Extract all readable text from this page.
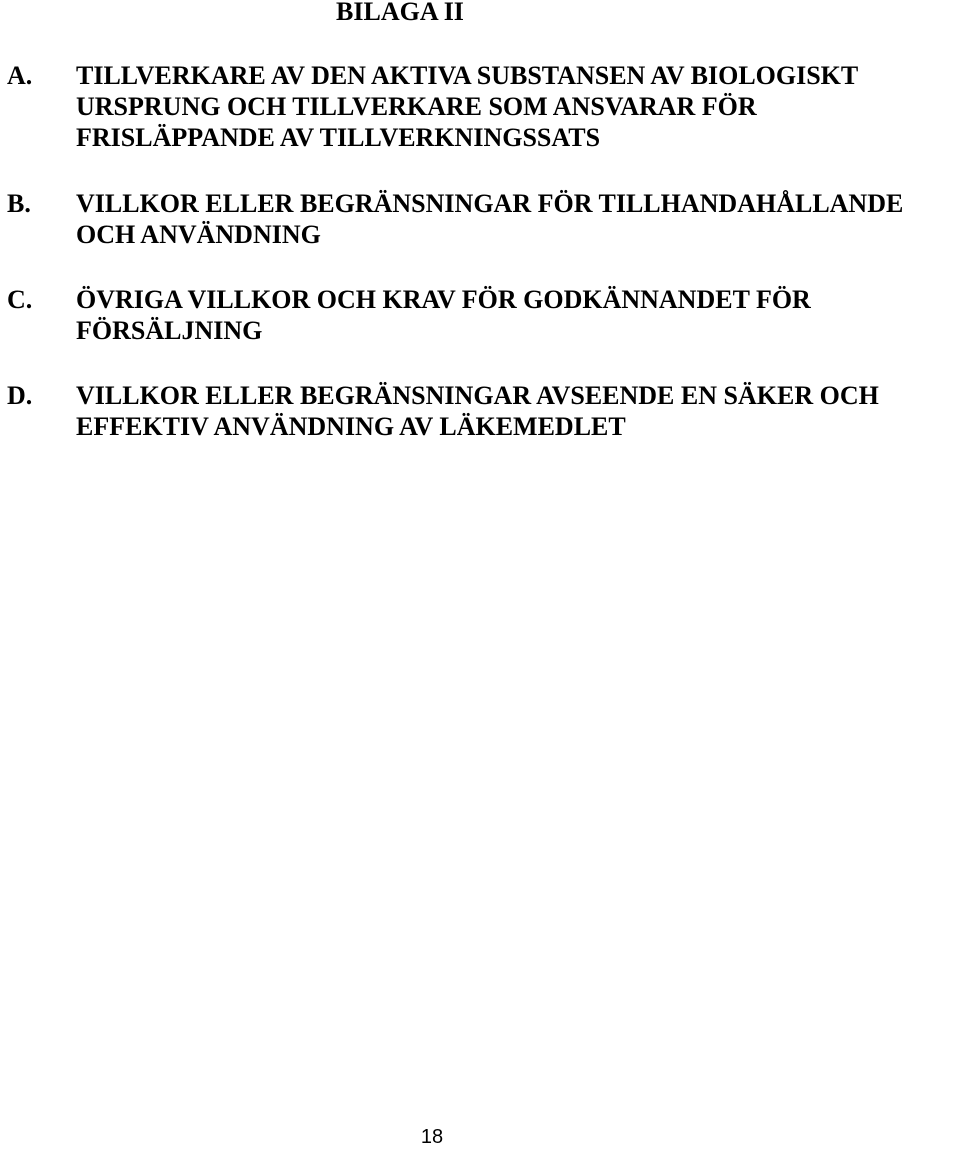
BILAGA II
A. TILLVERKARE AV DEN AKTIVA SUBSTANSEN AV BIOLOGISKT
URSPRUNG OCH TILLVERKARE SOM ANSVARAR FÖR
FRISLÄPPANDE AV TILLVERKNINGSSATS
B. VILLKOR ELLER BEGRÄNSNINGAR FÖR TILLHANDAHÅLLANDE
OCH ANVÄNDNING
C. ÖVRIGA VILLKOR OCH KRAV FÖR GODKÄNNANDET FÖR
FÖRSÄLJNING
D. VILLKOR ELLER BEGRÄNSNINGAR AVSEENDE EN SÄKER OCH
EFFEKTIV ANVÄNDNING AV LÄKEMEDLET
18
